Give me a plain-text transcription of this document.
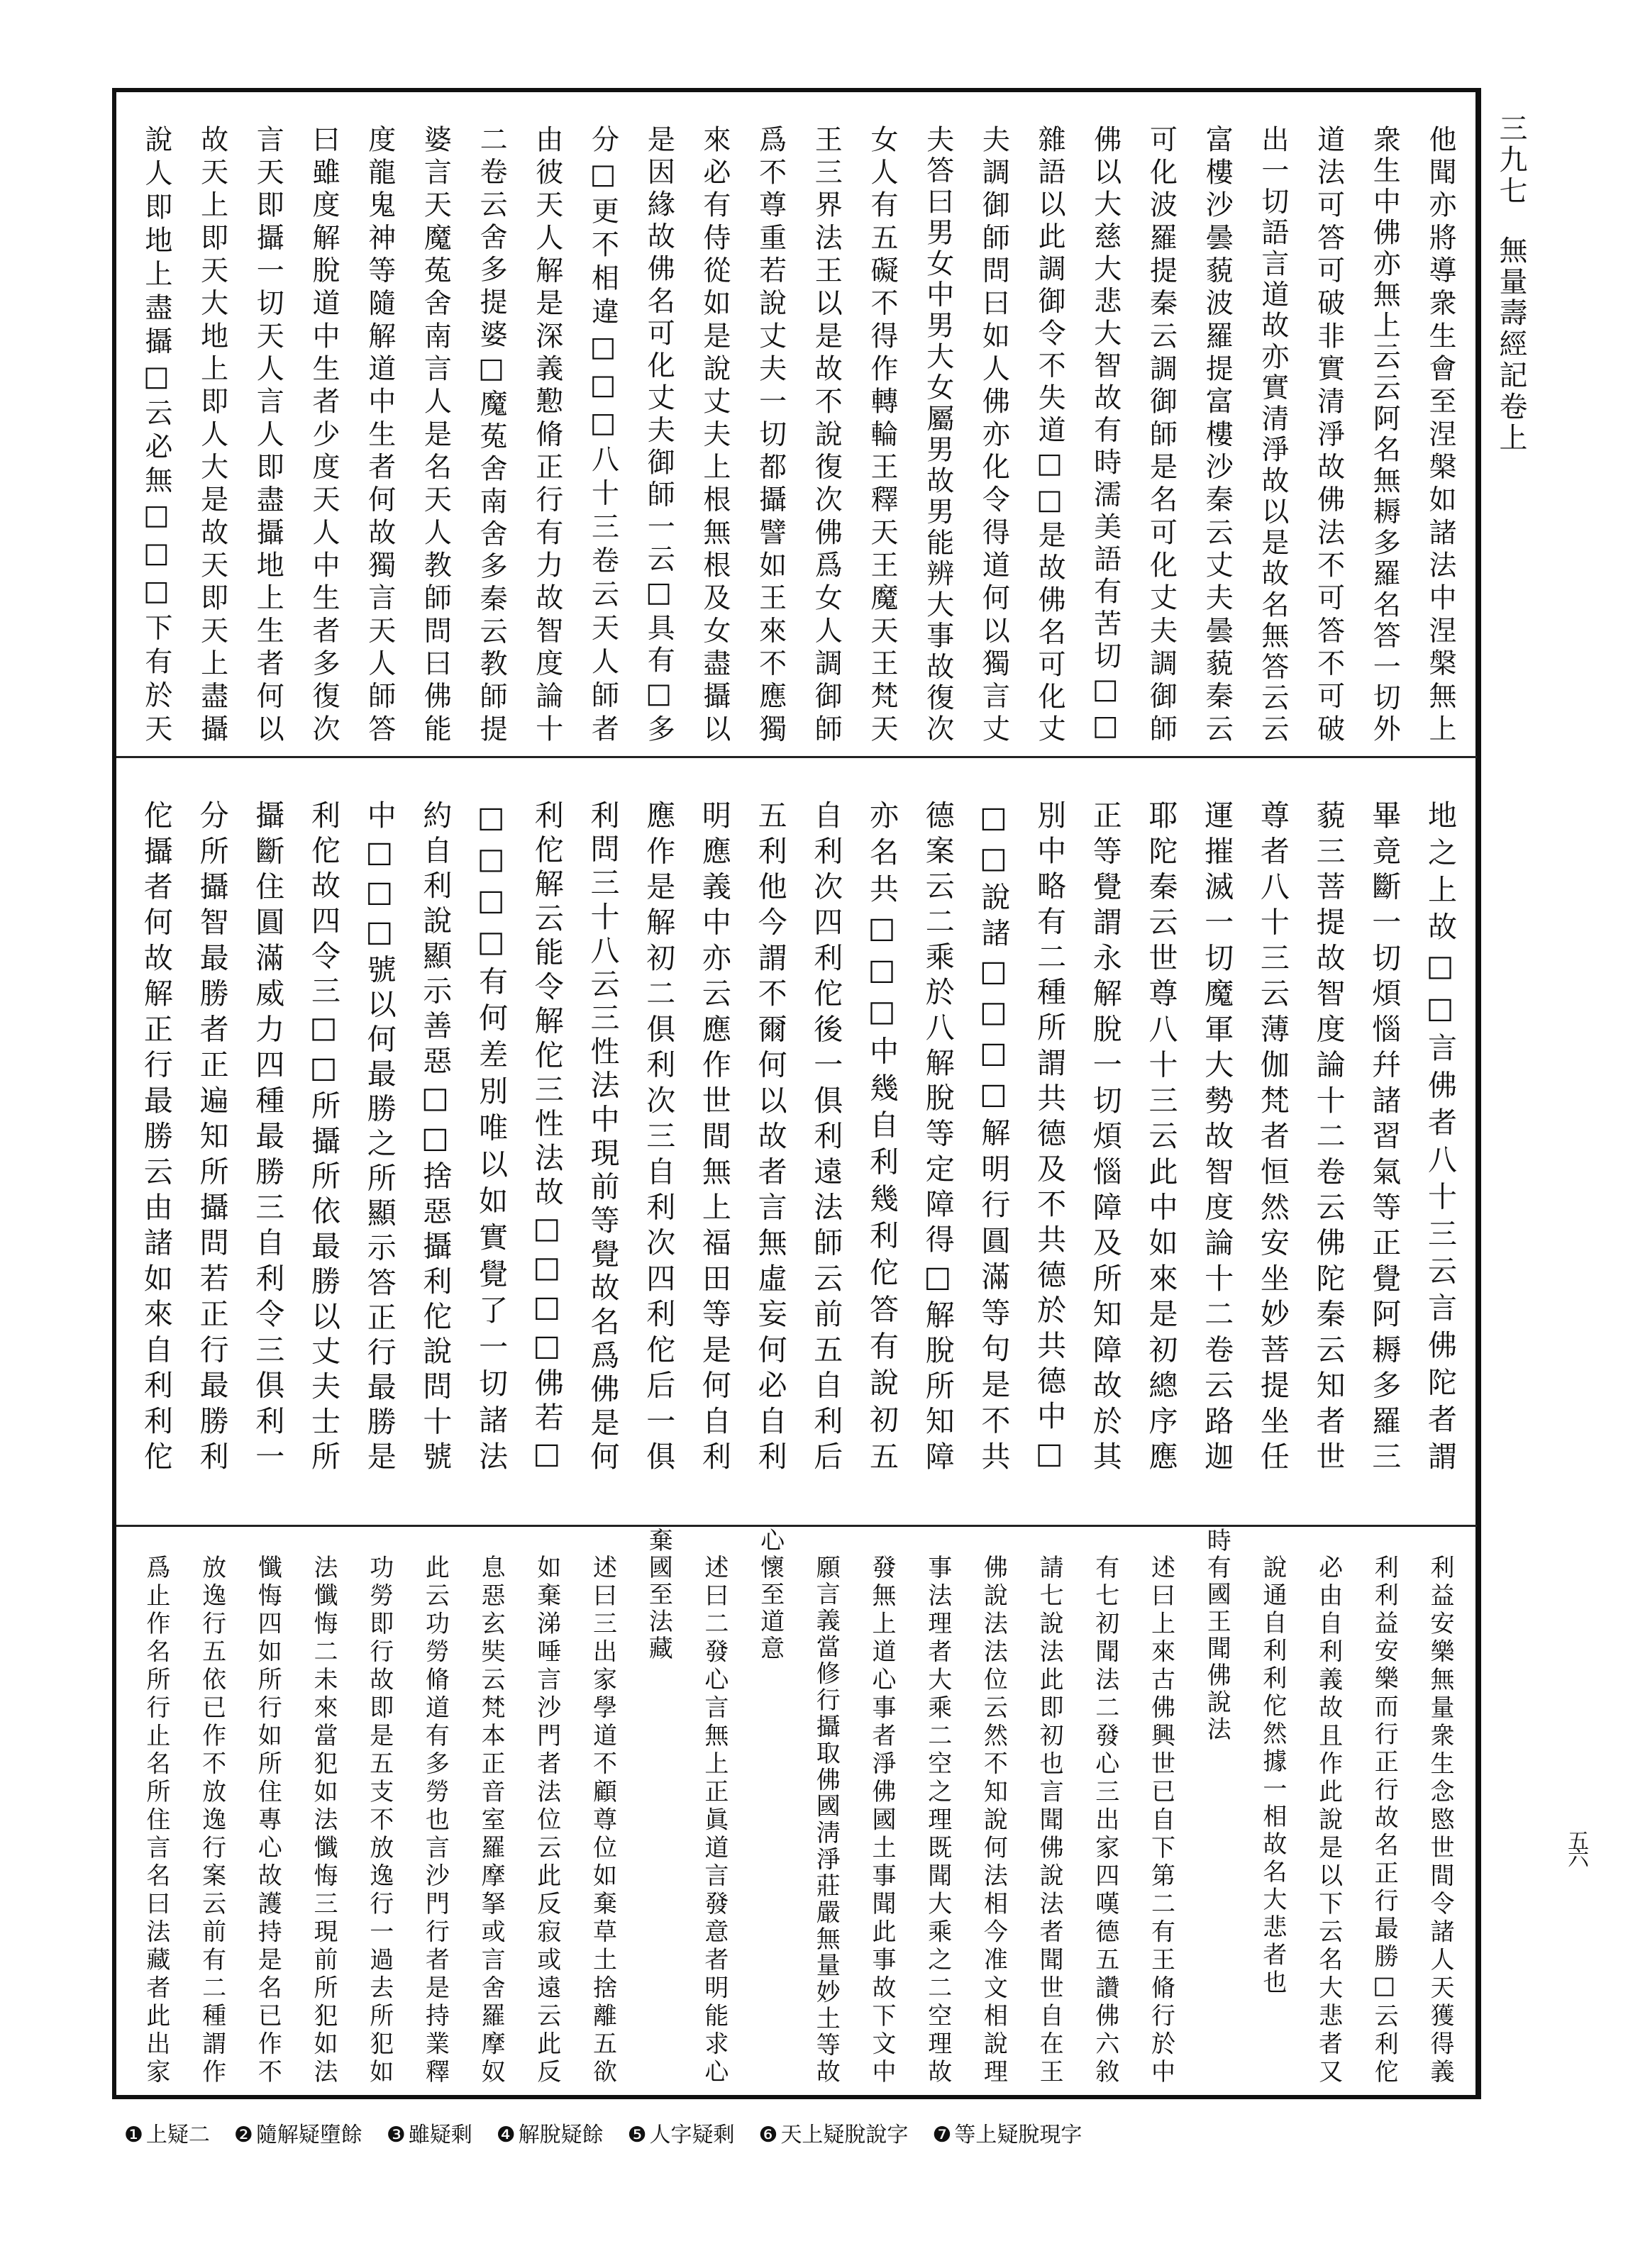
三九七無量壽經記卷上
五六
他聞亦將導衆生會至涅槃如諸法中涅槃無上
衆生中佛亦無上云云阿名無耨多羅名答一切外
道法可答可破非實清淨故佛法不可答不可破
出一切語言道故亦實清淨故以是故名無答云云
富樓沙曇藐波羅提富樓沙秦云丈夫曇藐秦云
可化波羅提秦云調御師是名可化丈夫調御師
佛以大慈大悲大智故有時濡美語有苦切□□
雜語以此調御令不失道□□是故佛名可化丈
夫調御師問曰如人佛亦化令得道何以獨言丈
夫答曰男女中男大女屬男故男能辨大事故復次
女人有五礙不得作轉輪王釋天王魔天王梵天
王三界法王以是故不說復次佛爲女人調御師
爲不尊重若說丈夫一切都攝譬如王來不應獨
來必有侍從如是說丈夫上根無根及女盡攝以
是因緣故佛名可化丈夫御師一云□具有□多
分□更不相違□□□八十三卷云天人師者
由彼天人解是深義懃脩正行有力故智度論十
二卷云舍多提婆□魔菟舍南舍多秦云教師提
婆言天魔菟舍南言人是名天人教師問曰佛能
度龍鬼神等隨解道中生者何故獨言天人師答
曰雖度解脫道中生者少度天人中生者多復次
言天即攝一切天人言人即盡攝地上生者何以
故天上即天大地上即人大是故天即天上盡攝
說人即地上盡攝□云必無□□□下有於天
地之上故□□言佛者八十三云言佛陀者謂
畢竟斷一切煩惱幷諸習氣等正覺阿耨多羅三
藐三菩提故智度論十二卷云佛陀秦云知者世
尊者八十三云薄伽梵者恒然安坐妙菩提坐任
運摧滅一切魔軍大勢故智度論十二卷云路迦
耶陀秦云世尊八十三云此中如來是初總序應
正等覺謂永解脫一切煩惱障及所知障故於其
別中略有二種所謂共德及不共德於共德中□
□□說諸□□□□解明行圓滿等句是不共
德案云二乘於八解脫等定障得□解脫所知障
亦名共□□□中幾自利幾利佗答有說初五
自利次四利佗後一俱利遠法師云前五自利后
五利他今謂不爾何以故者言無虛妄何必自利
明應義中亦云應作世間無上福田等是何自利
應作是解初二俱利次三自利次四利佗后一俱
利問三十八云三性法中現前等覺故名爲佛是何
利佗解云能令解佗三性法故□□□□佛若□
□□□□有何差別唯以如實覺了一切諸法
約自利說顯示善惡□□捨惡攝利佗說問十號
中□□□號以何最勝之所顯示答正行最勝是
利佗故四令三□□所攝所依最勝以丈夫士所
攝斷住圓滿威力四種最勝三自利令三俱利一
分所攝智最勝者正遍知所攝問若正行最勝利
佗攝者何故解正行最勝云由諸如來自利利佗
利益安樂無量衆生念愍世間令諸人天獲得義
利利益安樂而行正行故名正行最勝□云利佗
必由自利義故且作此說是以下云名大悲者又
說通自利利佗然據一相故名大悲者也
時有國王聞佛說法
述曰上來古佛興世已自下第二有王脩行於中
有七初聞法二發心三出家四嘆德五讚佛六敘
請七說法此即初也言聞佛說法者聞世自在王
佛說法法位云然不知說何法相今准文相說理
事法理者大乘二空之理既聞大乘之二空理故
發無上道心事者淨佛國土事聞此事故下文中
願言義當修行攝取佛國淸淨莊嚴無量妙土等故
心懷至道意
述曰二發心言無上正眞道言發意者明能求心
棄國至法藏
述曰三出家學道不顧尊位如棄草土捨離五欲
如棄涕唾言沙門者法位云此反寂或遠云此反
息惡玄奘云梵本正音室羅摩拏或言舍羅摩奴
此云功勞脩道有多勞也言沙門行者是持業釋
功勞即行故即是五支不放逸行一過去所犯如
法懺悔二未來當犯如法懺悔三現前所犯如法
懺悔四如所行如所住專心故護持是名已作不
放逸行五依已作不放逸行案云前有二種謂作
爲止作名所行止名所住言名曰法藏者此出家
❶ 上疑二 ❷ 隨解疑墮餘 ❸ 雖疑剩 ❹ 解脫疑餘 ❺ 人字疑剩 ❻ 天上疑脫說字 ❼ 等上疑脫現字
